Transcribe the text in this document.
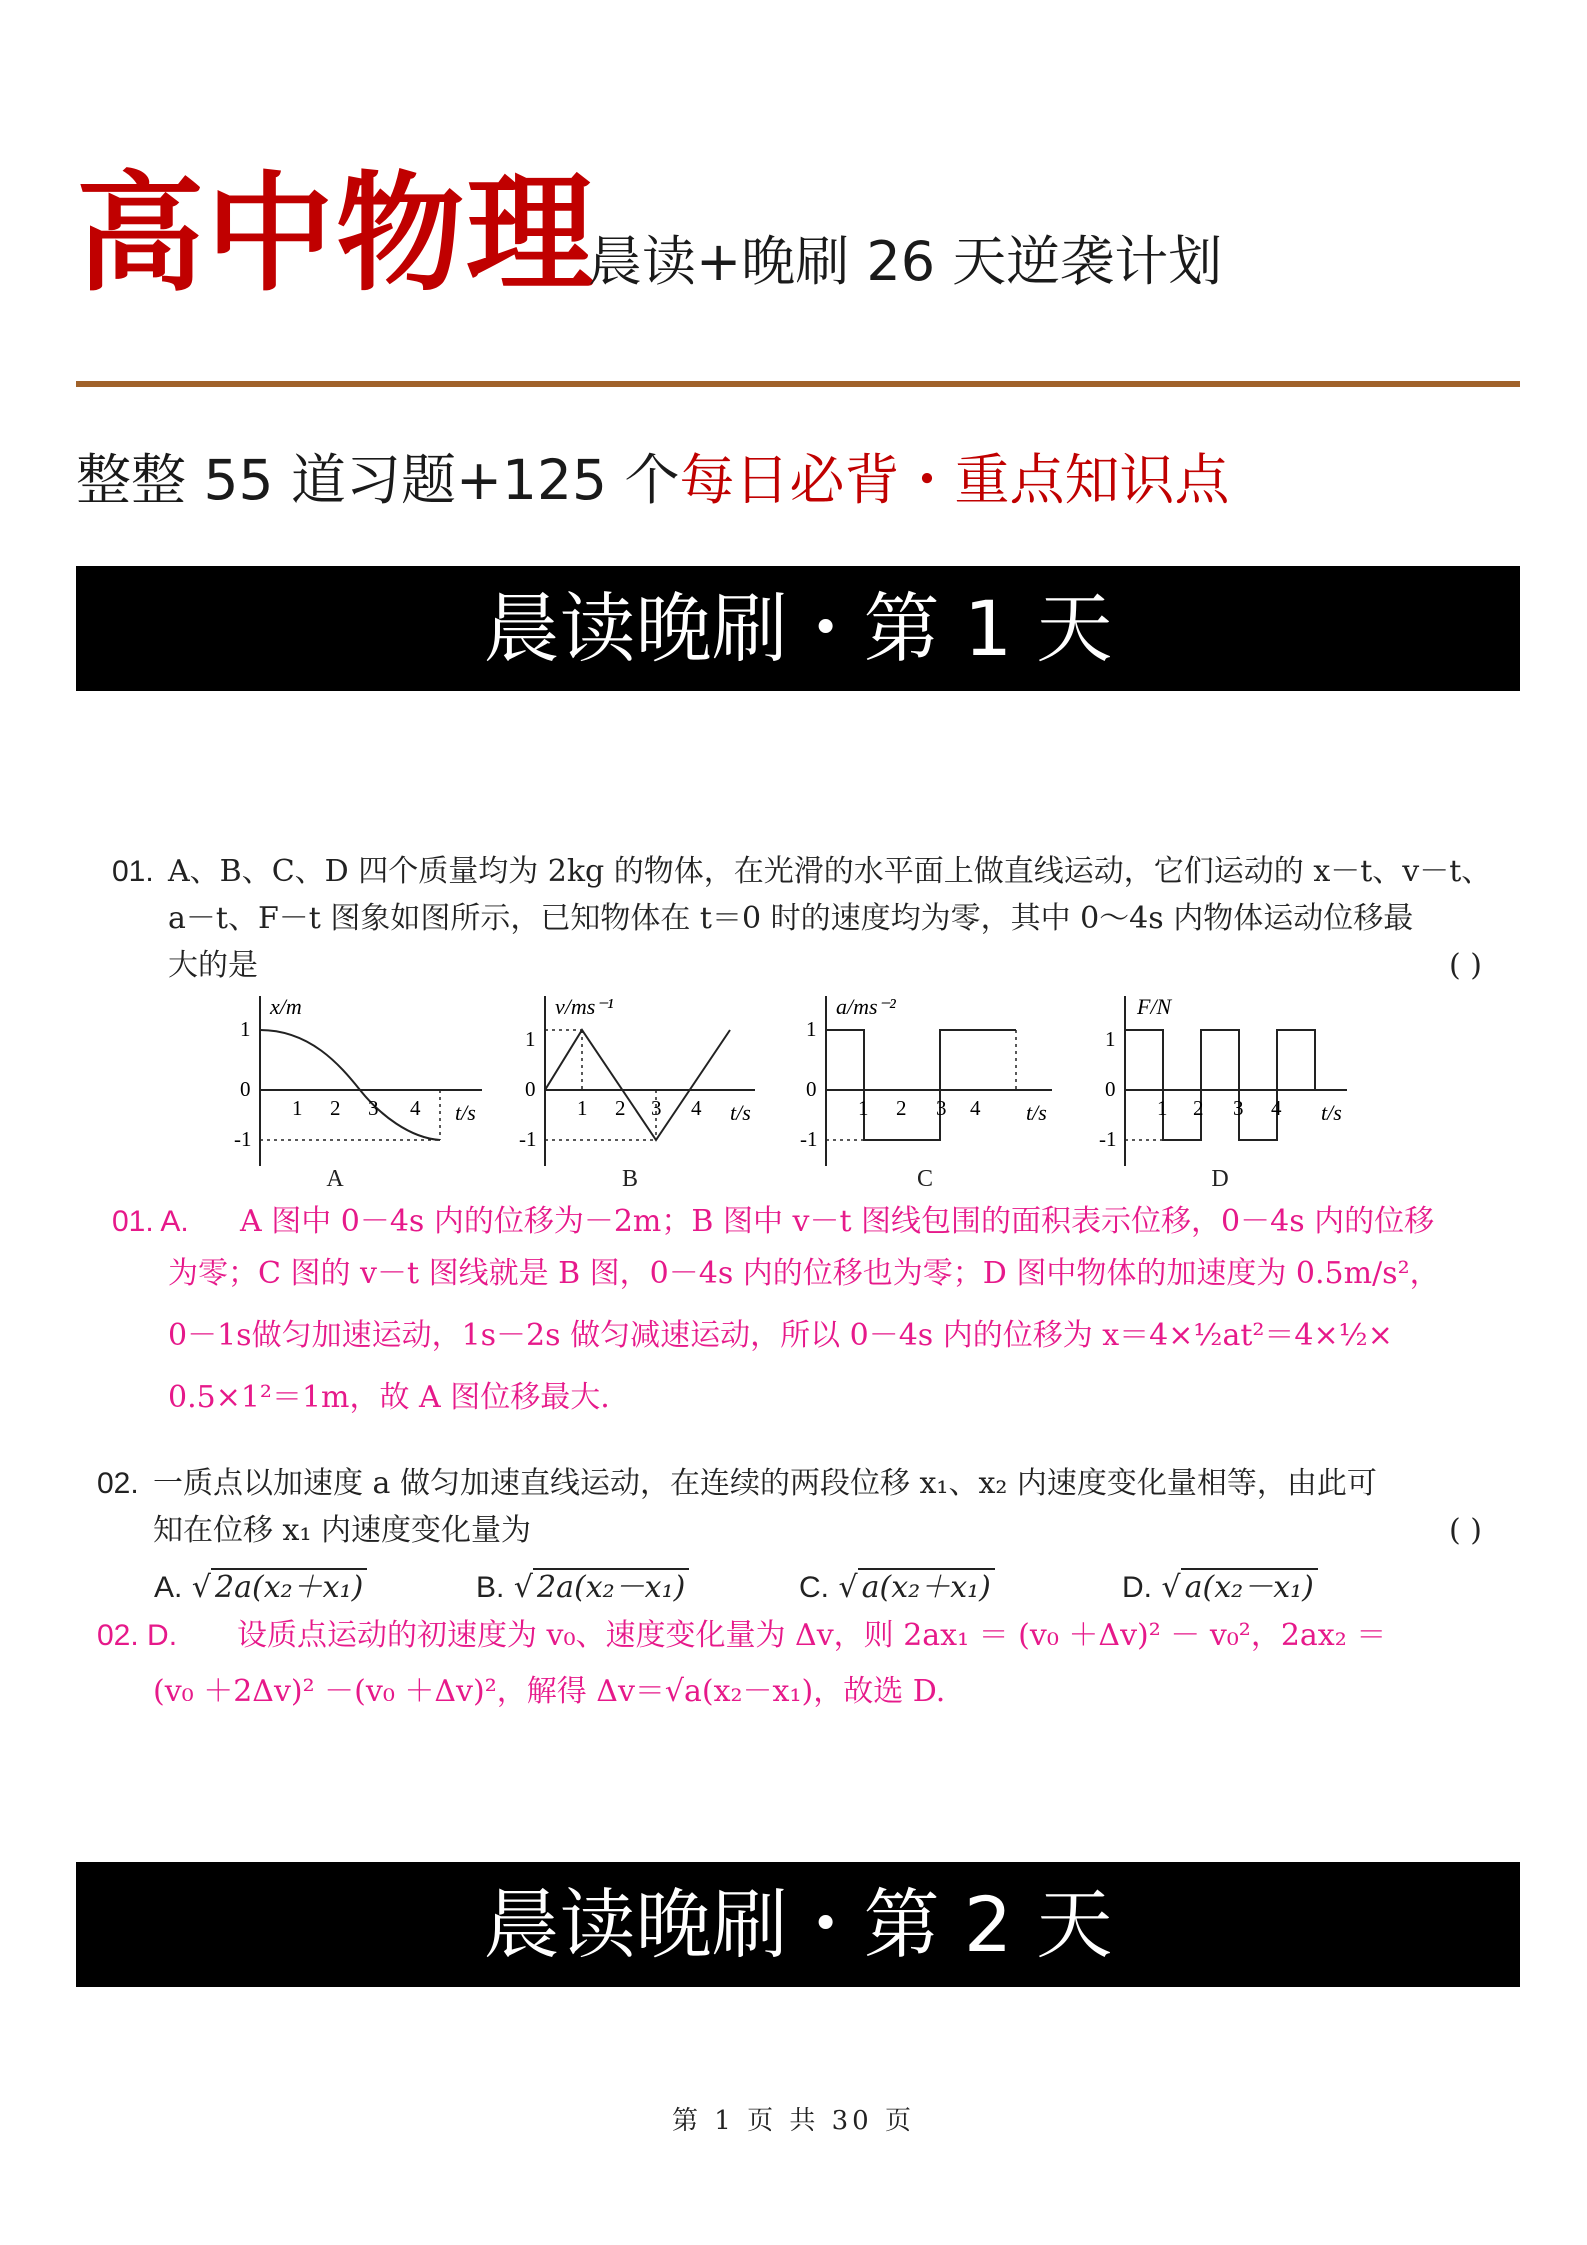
高中物理
晨读+晚刷 26 天逆袭计划
整整 55 道习题+125 个每日必背・重点知识点
晨读晚刷・第 1 天
01. A、B、C、D 四个质量均为 2kg 的物体，在光滑的水平面上做直线运动，它们运动的 x－t、v－t、
a－t、F－t 图象如图所示，已知物体在 t＝0 时的速度均为零，其中 0～4s 内物体运动位移最
大的是	( )
x/m
t/s
1
0
-1
1 2 3 4
A
v/ms⁻¹
t/s
1
0
-1
1 2 3 4
B
a/ms⁻²
t/s
1
0
-1
1 2 3 4
C
F/N
t/s
1
0
-1
1 2 3 4
D
01. A. A 图中 0－4s 内的位移为－2m；B 图中 v－t 图线包围的面积表示位移，0－4s 内的位移
为零；C 图的 v－t 图线就是 B 图，0－4s 内的位移也为零；D 图中物体的加速度为 0.5m/s²，
0－1s做匀加速运动，1s－2s 做匀减速运动，所以 0－4s 内的位移为 x＝4×½at²＝4×½×
0.5×1²＝1m，故 A 图位移最大.
02. 一质点以加速度 a 做匀加速直线运动，在连续的两段位移 x₁、x₂ 内速度变化量相等，由此可
知在位移 x₁ 内速度变化量为	( )
A. √ 2a(x₂＋x₁)	B. √ 2a(x₂－x₁)	C. √ a(x₂＋x₁)	D. √ a(x₂－x₁)
02. D. 设质点运动的初速度为 v₀、速度变化量为 Δv，则 2ax₁ ＝ (v₀ ＋Δv)² － v₀²，2ax₂ ＝
(v₀ ＋2Δv)² －(v₀ ＋Δv)²，解得 Δv＝√a(x₂－x₁)，故选 D.
晨读晚刷・第 2 天
第 1 页 共 30 页
